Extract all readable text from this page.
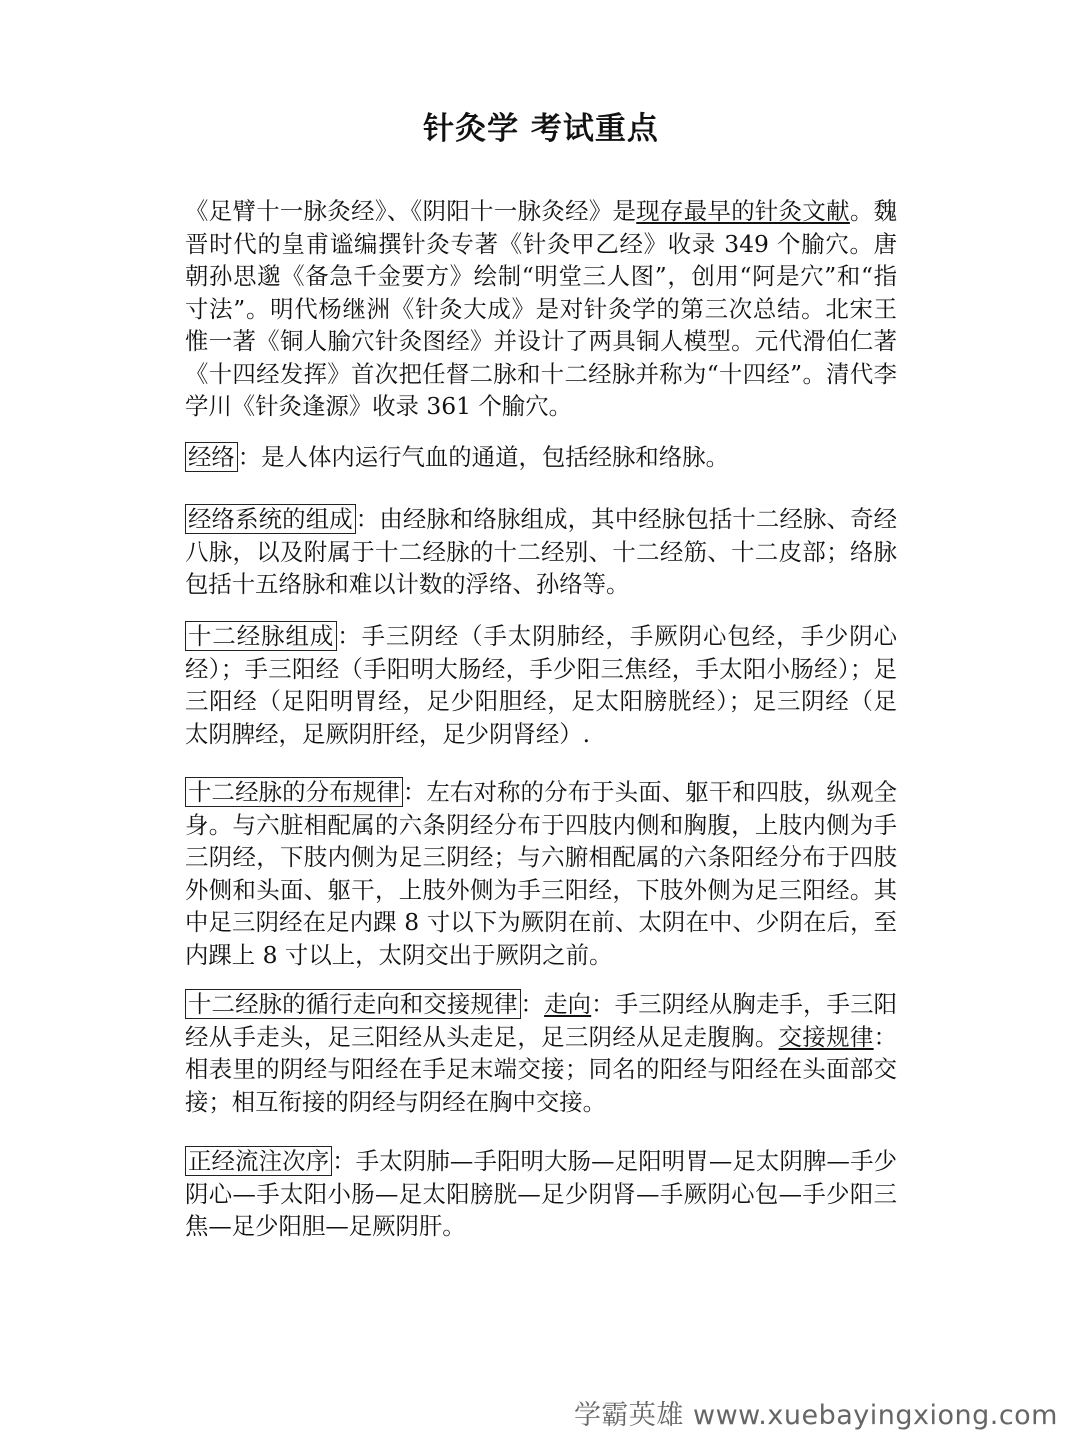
针灸学 考试重点

《足臂十一脉灸经》、《阴阳十一脉灸经》是现存最早的针灸文献。魏晋时代的皇甫谧编撰针灸专著《针灸甲乙经》收录 349 个腧穴。唐朝孙思邈《备急千金要方》绘制“明堂三人图”，创用“阿是穴”和“指寸法”。明代杨继洲《针灸大成》是对针灸学的第三次总结。北宋王惟一著《铜人腧穴针灸图经》并设计了两具铜人模型。元代滑伯仁著《十四经发挥》首次把任督二脉和十二经脉并称为“十四经”。清代李学川《针灸逢源》收录 361 个腧穴。

经络 ：是人体内运行气血的通道，包括经脉和络脉。

经络系统的组成 ：由经脉和络脉组成，其中经脉包括十二经脉、奇经八脉，以及附属于十二经脉的十二经别、十二经筋、十二皮部；络脉包括十五络脉和难以计数的浮络、孙络等。

十二经脉组成 ：手三阴经（手太阴肺经，手厥阴心包经，手少阴心经）；手三阳经（手阳明大肠经，手少阳三焦经，手太阳小肠经）；足三阳经（足阳明胃经，足少阳胆经，足太阳膀胱经）；足三阴经（足太阴脾经，足厥阴肝经，足少阴肾经）.

十二经脉的分布规律 ：左右对称的分布于头面、躯干和四肢，纵观全身。与六脏相配属的六条阴经分布于四肢内侧和胸腹，上肢内侧为手三阴经，下肢内侧为足三阴经；与六腑相配属的六条阳经分布于四肢外侧和头面、躯干，上肢外侧为手三阳经，下肢外侧为足三阳经。其中足三阴经在足内踝 8 寸以下为厥阴在前、太阴在中、少阴在后，至内踝上 8 寸以上，太阴交出于厥阴之前。

十二经脉的循行走向和交接规律 ：走向：手三阴经从胸走手，手三阳经从手走头，足三阳经从头走足，足三阴经从足走腹胸。交接规律：相表里的阴经与阳经在手足末端交接；同名的阳经与阳经在头面部交接；相互衔接的阴经与阴经在胸中交接。

正经流注次序 ：手太阴肺—手阳明大肠—足阳明胃—足太阴脾—手少阴心—手太阳小肠—足太阳膀胱—足少阴肾—手厥阴心包—手少阳三焦—足少阳胆—足厥阴肝。

学霸英雄 www.xuebayingxiong.com
